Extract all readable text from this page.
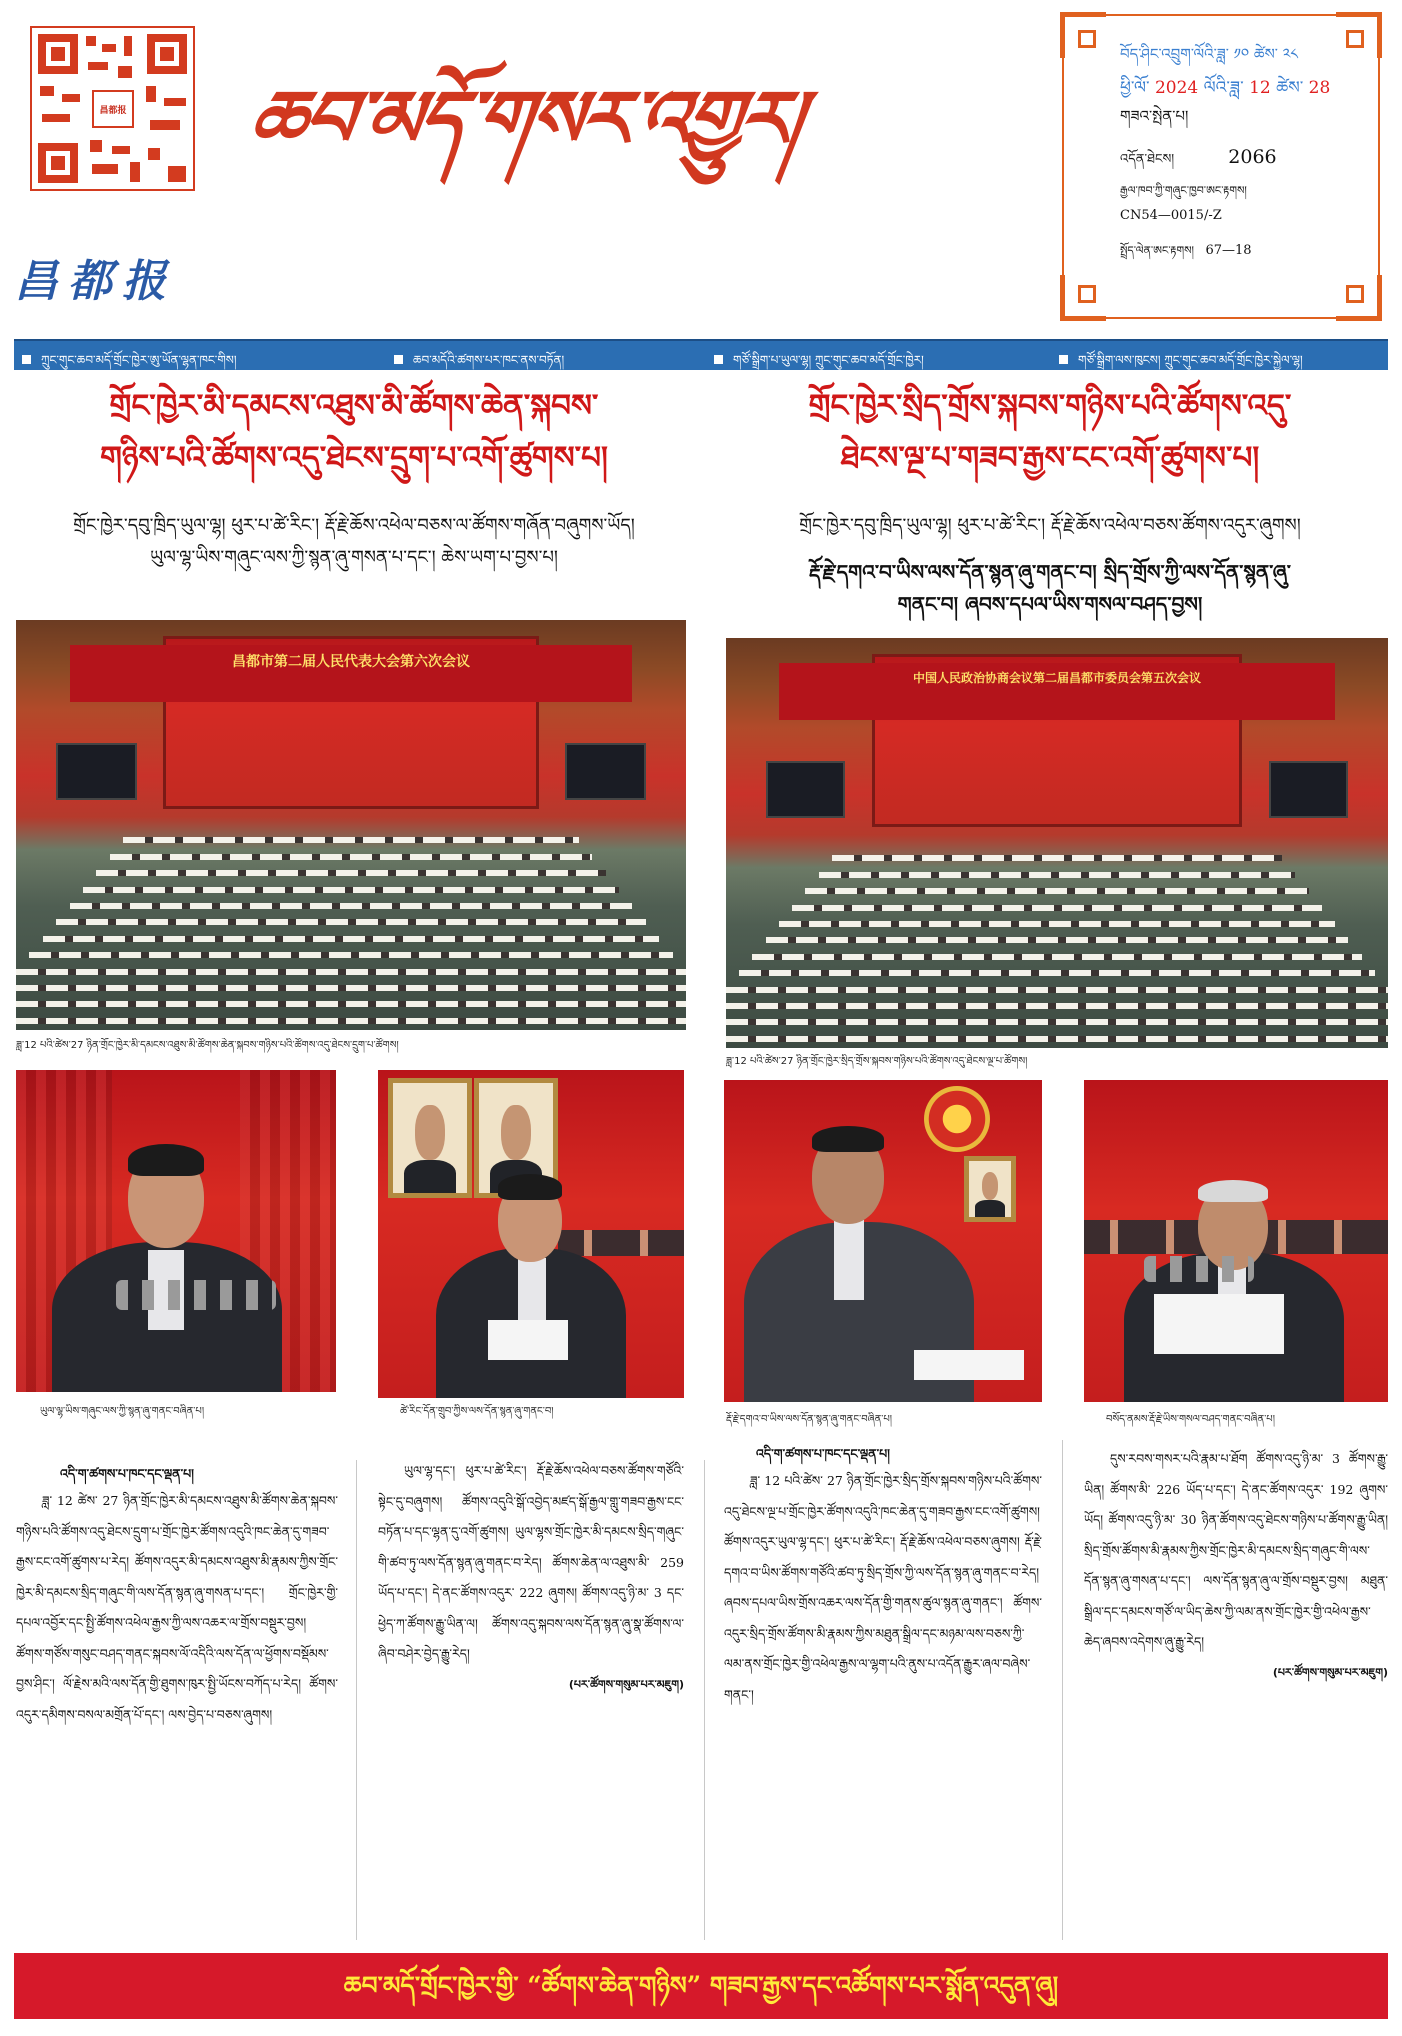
昌都报
昌都报
ཆབ་མདོ་གསར་འགྱུར།
བོད་ཤིང་འབྲུག་ལོའི་ཟླ་ ༡༠ ཚེས་ ༢༨
ཕྱི་ལོ་ 2024 ལོའི་ཟླ་ 12 ཚེས་ 28
གཟའ་སྤེན་པ།
འདོན་ཐེངས།	2066
རྒྱལ་ཁབ་ཀྱི་གཞུང་ཁྱབ་ཨང་རྟགས།
CN54—0015/-Z
སྤྲོད་ལེན་ཨང་རྟགས། 67—18
ཀྲུང་གུང་ཆབ་མདོ་གྲོང་ཁྱེར་ཨུ་ཡོན་ལྷན་ཁང་གིས།	ཆབ་མདོའི་ཚགས་པར་ཁང་ནས་བཏོན།	གཙོ་སྒྲིག་པ་ཡུལ་ལྷ། ཀྲུང་གུང་ཆབ་མདོ་གྲོང་ཁྱེར།	གཙོ་སྒྲིག་ལས་ཁུངས། ཀྲུང་གུང་ཆབ་མདོ་གྲོང་ཁྱེར་སྐྱེལ་ལྷ།
གྲོང་ཁྱེར་མི་དམངས་འཐུས་མི་ཚོགས་ཆེན་སྐབས་
གཉིས་པའི་ཚོགས་འདུ་ཐེངས་དྲུག་པ་འགོ་ཚུགས་པ།
གྲོང་ཁྱེར་དབུ་ཁྲིད་ཡུལ་ལྷ། ཕུར་པ་ཚེ་རིང་། རྡོ་རྗེ་ཆོས་འཕེལ་བཅས་ལ་ཚོགས་གཞོན་བཞུགས་ཡོད།
ཡུལ་ལྷ་ཡིས་གཞུང་ལས་ཀྱི་སྙན་ཞུ་གསན་པ་དང་། ཆེས་ཡག་པ་བྱས་པ།
གྲོང་ཁྱེར་སྲིད་གྲོས་སྐབས་གཉིས་པའི་ཚོགས་འདུ་
ཐེངས་ལྔ་པ་གཟབ་རྒྱས་ངང་འགོ་ཚུགས་པ།
གྲོང་ཁྱེར་དབུ་ཁྲིད་ཡུལ་ལྷ། ཕུར་པ་ཚེ་རིང་། རྡོ་རྗེ་ཆོས་འཕེལ་བཅས་ཚོགས་འདུར་ཞུགས།
རྡོ་རྗེ་དགའ་བ་ཡིས་ལས་དོན་སྙན་ཞུ་གནང་བ། སྲིད་གྲོས་ཀྱི་ལས་དོན་སྙན་ཞུ་
གནང་བ། ཞབས་དཔལ་ཡིས་གསལ་བཤད་བྱས།
昌都市第二届人民代表大会第六次会议
ཟླ་12 པའི་ཚེས་27 ཉིན་གྲོང་ཁྱེར་མི་དམངས་འཐུས་མི་ཚོགས་ཆེན་སྐབས་གཉིས་པའི་ཚོགས་འདུ་ཐེངས་དྲུག་པ་ཚོགས།
中国人民政治协商会议第二届昌都市委员会第五次会议
ཟླ་12 པའི་ཚེས་27 ཉིན་གྲོང་ཁྱེར་སྲིད་གྲོས་སྐབས་གཉིས་པའི་ཚོགས་འདུ་ཐེངས་ལྔ་པ་ཚོགས།
ཡུལ་ལྷ་ཡིས་གཞུང་ལས་ཀྱི་སྙན་ཞུ་གནང་བཞིན་པ།	ཚེ་རིང་དོན་གྲུབ་ཀྱིས་ལས་དོན་སྙན་ཞུ་གནང་བ།
རྡོ་རྗེ་དགའ་བ་ཡིས་ལས་དོན་སྙན་ཞུ་གནང་བཞིན་པ།	བསོད་ནམས་རྡོ་རྗེ་ཡིས་གསལ་བཤད་གནང་བཞིན་པ།
འདི་ག་ཚགས་པ་ཁང་དང་ལྡན་པ།

ཟླ་ 12 ཚེས་ 27 ཉིན་གྲོང་ཁྱེར་མི་དམངས་འཐུས་མི་ཚོགས་ཆེན་སྐབས་གཉིས་པའི་ཚོགས་འདུ་ཐེངས་དྲུག་པ་གྲོང་ཁྱེར་ཚོགས་འདུའི་ཁང་ཆེན་དུ་གཟབ་རྒྱས་ངང་འགོ་ཚུགས་པ་རེད། ཚོགས་འདུར་མི་དམངས་འཐུས་མི་རྣམས་ཀྱིས་གྲོང་ཁྱེར་མི་དམངས་སྲིད་གཞུང་གི་ལས་དོན་སྙན་ཞུ་གསན་པ་དང་། གྲོང་ཁྱེར་གྱི་དཔལ་འབྱོར་དང་སྤྱི་ཚོགས་འཕེལ་རྒྱས་ཀྱི་ལས་འཆར་ལ་གྲོས་བསྡུར་བྱས། ཚོགས་གཙོས་གསུང་བཤད་གནང་སྐབས་ལོ་འདིའི་ལས་དོན་ལ་ཕྱོགས་བསྡོམས་བྱས་ཤིང་། ལོ་རྗེས་མའི་ལས་དོན་གྱི་ཐུགས་ཁུར་སྤྱི་ཡོངས་བཀོད་པ་རེད། ཚོགས་འདུར་དམིགས་བསལ་མགྲོན་པོ་དང་། ལས་བྱེད་པ་བཅས་ཞུགས།

ཡུལ་ལྷ་དང་། ཕུར་པ་ཚེ་རིང་། རྡོ་རྗེ་ཆོས་འཕེལ་བཅས་ཚོགས་གཙོའི་སྟེང་དུ་བཞུགས། ཚོགས་འདུའི་སྒོ་འབྱེད་མཛད་སྒོ་རྒྱལ་གླུ་གཟབ་རྒྱས་ངང་བཏོན་པ་དང་ལྷན་དུ་འགོ་ཚུགས། ཡུལ་ལྷས་གྲོང་ཁྱེར་མི་དམངས་སྲིད་གཞུང་གི་ཚབ་ཏུ་ལས་དོན་སྙན་ཞུ་གནང་བ་རེད། ཚོགས་ཆེན་ལ་འཐུས་མི་ 259 ཡོད་པ་དང་། དེ་ནང་ཚོགས་འདུར་ 222 ཞུགས། ཚོགས་འདུ་ཉི་མ་ 3 དང་ཕྱེད་ཀ་ཚོགས་རྒྱུ་ཡིན་ལ། ཚོགས་འདུ་སྐབས་ལས་དོན་སྙན་ཞུ་སྣ་ཚོགས་ལ་ཞིབ་བཤེར་བྱེད་རྒྱུ་རེད།

(པར་ཚོགས་གསུམ་པར་མཇུག)
འདི་ག་ཚགས་པ་ཁང་དང་ལྡན་པ།

ཟླ་ 12 པའི་ཚེས་ 27 ཉིན་གྲོང་ཁྱེར་སྲིད་གྲོས་སྐབས་གཉིས་པའི་ཚོགས་འདུ་ཐེངས་ལྔ་པ་གྲོང་ཁྱེར་ཚོགས་འདུའི་ཁང་ཆེན་དུ་གཟབ་རྒྱས་ངང་འགོ་ཚུགས། ཚོགས་འདུར་ཡུལ་ལྷ་དང་། ཕུར་པ་ཚེ་རིང་། རྡོ་རྗེ་ཆོས་འཕེལ་བཅས་ཞུགས། རྡོ་རྗེ་དགའ་བ་ཡིས་ཚོགས་གཙོའི་ཚབ་ཏུ་སྲིད་གྲོས་ཀྱི་ལས་དོན་སྙན་ཞུ་གནང་བ་རེད། ཞབས་དཔལ་ཡིས་གྲོས་འཆར་ལས་དོན་གྱི་གནས་ཚུལ་སྙན་ཞུ་གནང་། ཚོགས་འདུར་སྲིད་གྲོས་ཚོགས་མི་རྣམས་ཀྱིས་མཐུན་སྒྲིལ་དང་མཉམ་ལས་བཅས་ཀྱི་ལམ་ནས་གྲོང་ཁྱེར་གྱི་འཕེལ་རྒྱས་ལ་ལྷག་པའི་ནུས་པ་འདོན་རྒྱུར་ཞལ་བཞེས་གནང་།

དུས་རབས་གསར་པའི་རྣམ་པ་ཐོག ཚོགས་འདུ་ཉི་མ་ 3 ཚོགས་རྒྱུ་ཡིན། ཚོགས་མི་ 226 ཡོད་པ་དང་། དེ་ནང་ཚོགས་འདུར་ 192 ཞུགས་ཡོད། ཚོགས་འདུ་ཉི་མ་ 30 ཉིན་ཚོགས་འདུ་ཐེངས་གཉིས་པ་ཚོགས་རྒྱུ་ཡིན། སྲིད་གྲོས་ཚོགས་མི་རྣམས་ཀྱིས་གྲོང་ཁྱེར་མི་དམངས་སྲིད་གཞུང་གི་ལས་དོན་སྙན་ཞུ་གསན་པ་དང་། ལས་དོན་སྙན་ཞུ་ལ་གྲོས་བསྡུར་བྱས། མཐུན་སྒྲིལ་དང་དམངས་གཙོ་ལ་ཡིད་ཆེས་ཀྱི་ལམ་ནས་གྲོང་ཁྱེར་གྱི་འཕེལ་རྒྱས་ཆེད་ཞབས་འདེགས་ཞུ་རྒྱུ་རེད།

(པར་ཚོགས་གསུམ་པར་མཇུག)
ཆབ་མདོ་གྲོང་ཁྱེར་གྱི་ “ཚོགས་ཆེན་གཉིས” གཟབ་རྒྱས་དང་འཚོགས་པར་སྨོན་འདུན་ཞུ།
